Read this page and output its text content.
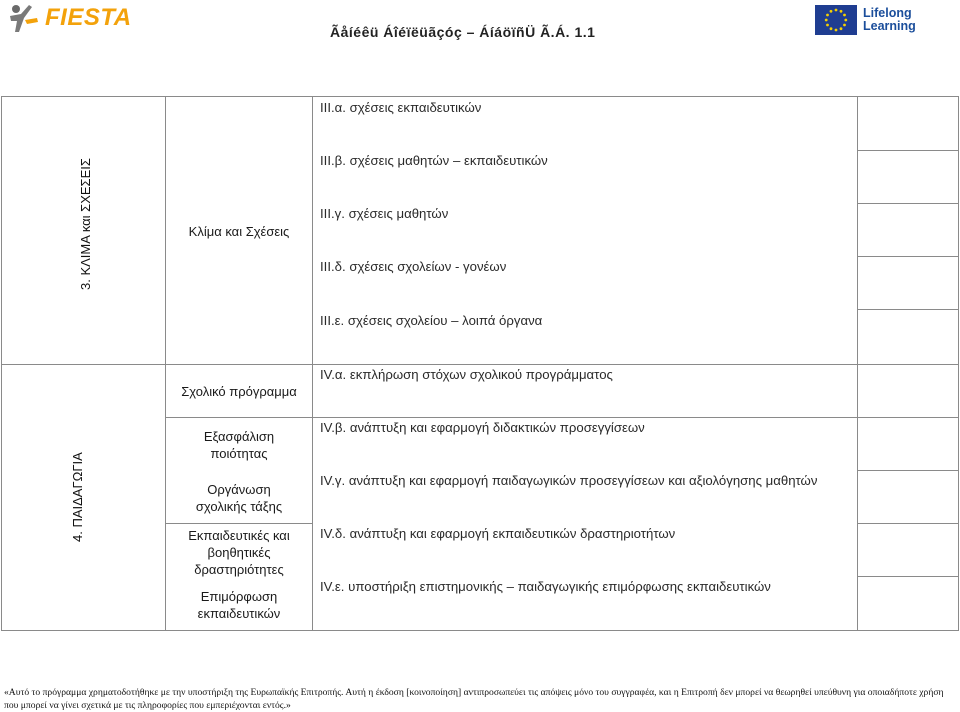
FIESTA
Ãåíéêü Áîéïëüãçóç – ÁíáöïñÜ Ã.Á. 1.1
Lifelong
Learning
3. ΚΛΙΜΑ και ΣΧΕΣΕΙΣ	Κλίμα και Σχέσεις
ΙΙΙ.α. σχέσεις εκπαιδευτικών
ΙΙΙ.β. σχέσεις μαθητών – εκπαιδευτικών
ΙΙΙ.γ. σχέσεις μαθητών
ΙΙΙ.δ. σχέσεις σχολείων - γονέων
ΙΙΙ.ε. σχέσεις σχολείου – λοιπά όργανα
4. ΠΑΙΔΑΓΩΓΙΑ
Σχολικό πρόγραμμα
Εξασφάλιση ποιότητας
Οργάνωση σχολικής τάξης
Εκπαιδευτικές και βοηθητικές δραστηριότητες
Επιμόρφωση εκπαιδευτικών
IV.α. εκπλήρωση στόχων σχολικού προγράμματος
IV.β. ανάπτυξη και εφαρμογή διδακτικών προσεγγίσεων
IV.γ. ανάπτυξη και εφαρμογή παιδαγωγικών προσεγγίσεων και αξιολόγησης μαθητών
IV.δ. ανάπτυξη και εφαρμογή εκπαιδευτικών δραστηριοτήτων
IV.ε. υποστήριξη επιστημονικής – παιδαγωγικής επιμόρφωσης εκπαιδευτικών
«Αυτό το πρόγραμμα χρηματοδοτήθηκε με την υποστήριξη της Ευρωπαϊκής Επιτροπής. Αυτή η έκδοση [κοινοποίηση] αντιπροσωπεύει τις απόψεις μόνο του συγγραφέα, και η Επιτροπή δεν μπορεί να θεωρηθεί υπεύθυνη για οποιαδήποτε χρήση
που μπορεί να γίνει σχετικά με τις πληροφορίες που εμπεριέχονται εντός.»
